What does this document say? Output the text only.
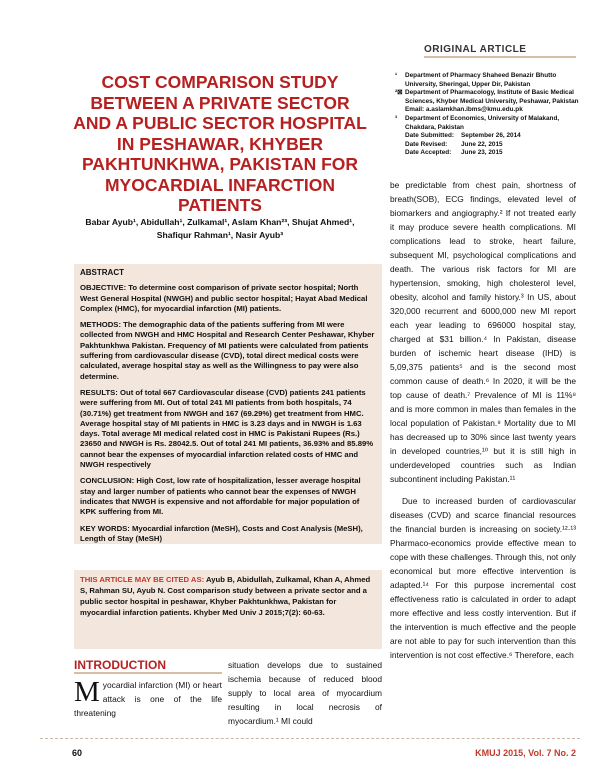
ORIGINAL ARTICLE
COST COMPARISON STUDY BETWEEN A PRIVATE SECTOR AND A PUBLIC SECTOR HOSPITAL IN PESHAWAR, KHYBER PAKHTUNKHWA, PAKISTAN FOR MYOCARDIAL INFARCTION PATIENTS
Babar Ayub¹, Abidullah¹, Zulkamal¹, Aslam Khan²³, Shujat Ahmed¹, Shafiqur Rahman¹, Nasir Ayub³
¹	Department of Pharmacy Shaheed Benazir Bhutto University, Sheringal, Upper Dir, Pakistan
²⊠ Department of Pharmacology, Institute of Basic Medical Sciences, Khyber Medical University, Peshawar, Pakistan Email: a.aslamkhan.ibms@kmu.edu.pk
³	Department of Economics, University of Malakand, Chakdara, Pakistan
Date Submitted:	September 26, 2014
Date Revised:	June 22, 2015
Date Accepted:	June 23, 2015
ABSTRACT

OBJECTIVE: To determine cost comparison of private sector hospital; North West General Hospital (NWGH) and public sector hospital; Hayat Abad Medical Complex (HMC), for myocardial infarction (MI) patients.

METHODS: The demographic data of the patients suffering from MI were collected from NWGH and HMC Hospital and Research Center Peshawar, Khyber Pakhtunkhwa Pakistan. Frequency of MI patients were calculated from patients suffering from cardiovascular disease (CVD), total direct medical costs were calculated, average hospital stay as well as the Willingness to pay were also determine.

RESULTS: Out of total 667 Cardiovascular disease (CVD) patients 241 patients were suffering from MI. Out of total 241 MI patients from both hospitals, 74 (30.71%) get treatment from NWGH and 167 (69.29%) get treatment from HMC. Average hospital stay of MI patients in HMC is 3.23 days and in NWGH is 1.63 days. Total average MI medical related cost in HMC is Pakistani Rupees (Rs.) 23650 and NWGH is Rs. 28042.5. Out of total 241 MI patients, 36.93% and 85.89% cannot bear the expenses of myocardial infarction related costs of HMC and NWGH respectively

CONCLUSION: High Cost, low rate of hospitalization, lesser average hospital stay and larger number of patients who cannot bear the expenses of NWGH indicates that NWGH is expensive and not affordable for major population of KPK suffering from MI.

KEY WORDS: Myocardial infarction (MeSH), Costs and Cost Analysis (MeSH), Length of Stay (MeSH)

THIS ARTICLE MAY BE CITED AS: Ayub B, Abidullah, Zulkamal, Khan A, Ahmed S, Rahman SU, Ayub N. Cost comparison study between a private sector and a public sector hospital in peshawar, Khyber Pakhtunkhwa, Pakistan for myocardial infarction patients. Khyber Med Univ J 2015;7(2): 60-63.
INTRODUCTION
Myocardial infarction (MI) or heart attack is one of the life threatening
situation develops due to sustained ischemia because of reduced blood supply to local area of myocardium resulting in local necrosis of myocardium.¹ MI could

be predictable from chest pain, shortness of breath(SOB), ECG findings, elevated level of biomarkers and angiography.² If not treated early it may produce severe health complications. MI complications lead to stroke, heart failure, subsequent MI, psychological complications and death. The various risk factors for MI are hypertension, smoking, high cholesterol level, obesity, alcohol and family history.³ In US, about 320,000 recurrent and 6000,000 new MI report each year leading to 696000 hospital stay, charged at $31 billion.⁴ In Pakistan, disease burden of ischemic heart disease (IHD) is 5,09,375 patients⁵ and is the second most common cause of death.⁶ In 2020, it will be the top cause of death.⁷ Prevalence of MI is 11%⁸ and is more common in males than females in the local population of Pakistan.⁹ Mortality due to MI has decreased up to 30% since last twenty years in developed countries,¹⁰ but it is still high in underdeveloped countries such as Indian subcontinent including Pakistan.¹¹

Due to increased burden of cardiovascular diseases (CVD) and scarce financial resources the financial burden is increasing on society.¹²·¹³ Pharmaco-economics provide effective mean to cope with these challenges. Through this, not only economical but more effective intervention is adapted.¹⁴ For this purpose incremental cost effectiveness ratio is calculated in order to adapt more effective and less costly intervention. But if the intervention is much effective and the people are not able to pay for such intervention than this intervention is not cost effective.⁶ Therefore, each

60	KMUJ 2015, Vol. 7 No. 2
